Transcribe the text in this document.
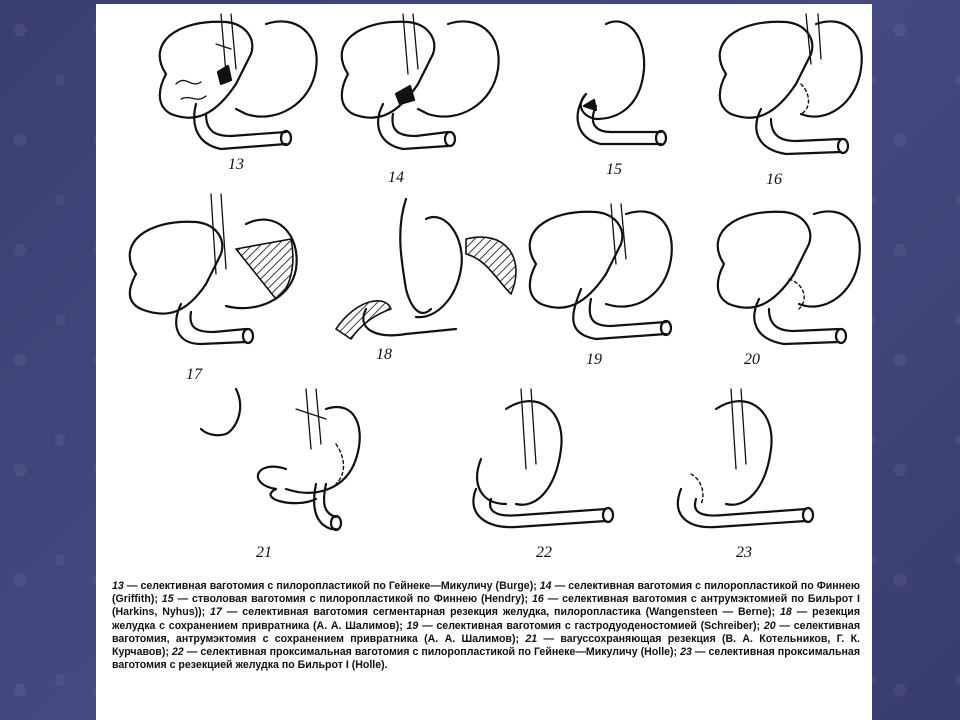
13
14	15
16
17
18	19	20
21	22	23
13 — селективная ваготомия с пилоропластикой по Гейнеке—Микуличу (Burge); 14 — селективная ваготомия с пилоропластикой по Финнею (Griffith); 15 — стволовая ваготомия с пилоропластикой по Финнею (Hendry); 16 — селективная ваготомия с антрумэктомией по Бильрот I (Harkins, Nyhus)); 17 — селективная ваготомия сегментарная резекция желудка, пилоропластика (Wangensteen — Berne); 18 — резекция желудка с сохранением привратника (А. А. Шалимов); 19 — селективная ваготомия с гастродуоденостомией (Schreiber); 20 — селективная ваготомия, антрумэктомия с сохранением привратника (А. А. Шалимов); 21 — ваrуссохраняющая резекция (В. А. Котельников, Г. К. Курчавов); 22 — селективная проксимальная ваготомия с пилоропластикой по Гейнеке—Микуличу (Holle); 23 — селективная проксимальная ваготомия с резекцией желудка по Бильрот I (Holle).
